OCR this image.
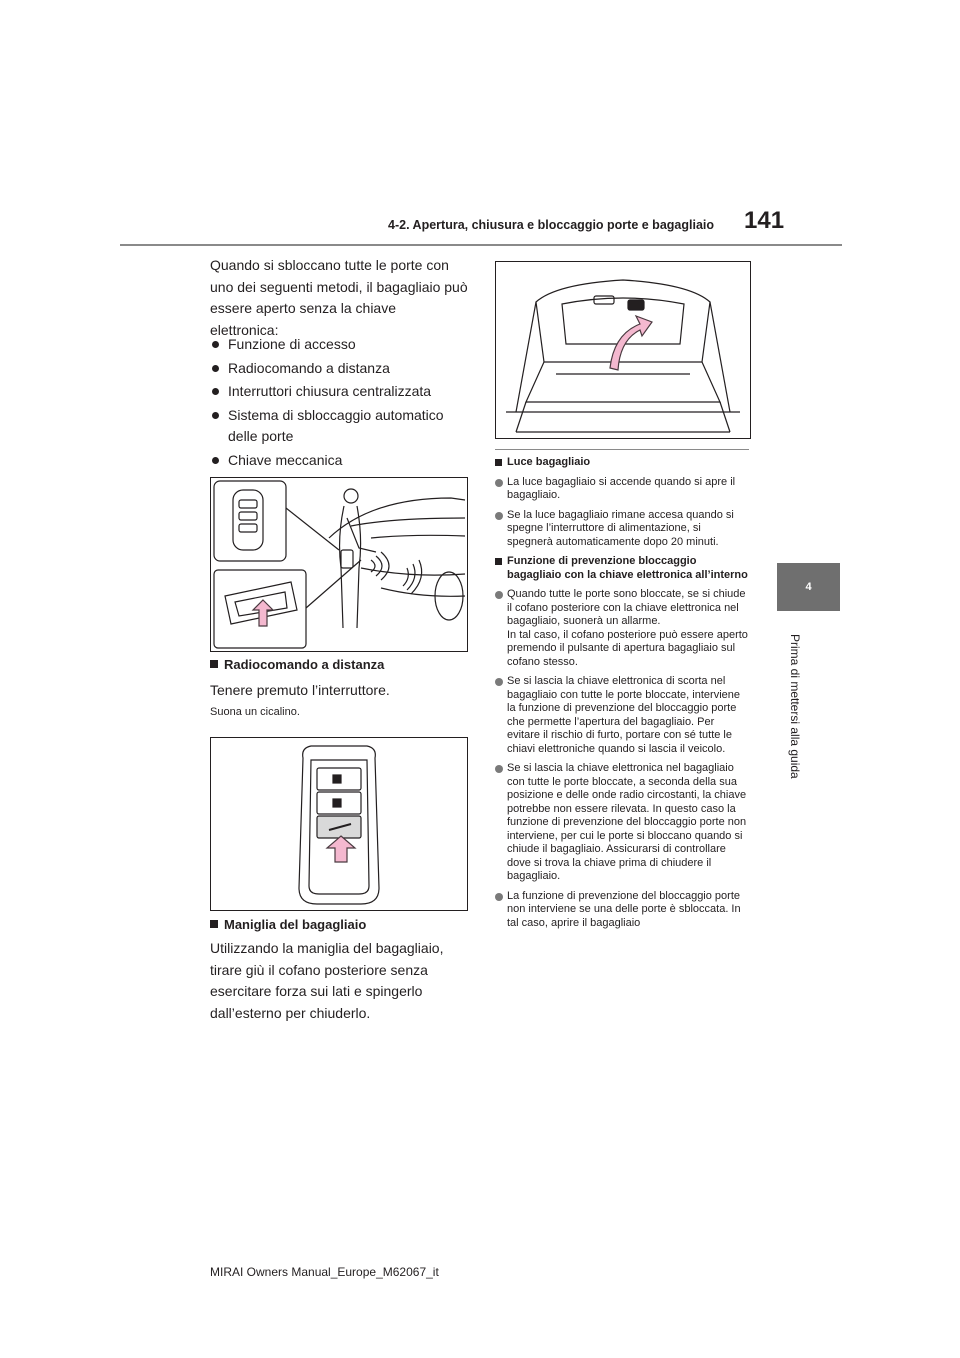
4-2. Apertura, chiusura e bloccaggio porte e bagagliaio	141
4
Prima di mettersi alla guida
Quando si sbloccano tutte le porte con uno dei seguenti metodi, il bagagliaio può essere aperto senza la chiave elettronica:
Funzione di accesso
Radiocomando a distanza
Interruttori chiusura centralizzata
Sistema di sbloccaggio automatico delle porte
Chiave meccanica
Radiocomando a distanza
Tenere premuto l’interruttore.
Suona un cicalino.
Maniglia del bagagliaio
Utilizzando la maniglia del bagagliaio, tirare giù il cofano posteriore senza esercitare forza sui lati e spingerlo dall’esterno per chiuderlo.
Luce bagagliaio
La luce bagagliaio si accende quando si apre il bagagliaio.
Se la luce bagagliaio rimane accesa quando si spegne l’interruttore di alimentazione, si spegnerà automaticamente dopo 20 minuti.
Funzione di prevenzione bloccaggio bagagliaio con la chiave elettronica all’interno
Quando tutte le porte sono bloccate, se si chiude il cofano posteriore con la chiave elettronica nel bagagliaio, suonerà un allarme.
In tal caso, il cofano posteriore può essere aperto premendo il pulsante di apertura bagagliaio sul cofano stesso.
Se si lascia la chiave elettronica di scorta nel bagagliaio con tutte le porte bloccate, interviene la funzione di prevenzione del bloccaggio porte che permette l’apertura del bagagliaio. Per evitare il rischio di furto, portare con sé tutte le chiavi elettroniche quando si lascia il veicolo.
Se si lascia la chiave elettronica nel bagagliaio con tutte le porte bloccate, a seconda della sua posizione e delle onde radio circostanti, la chiave potrebbe non essere rilevata. In questo caso la funzione di prevenzione del bloccaggio porte non interviene, per cui le porte si bloccano quando si chiude il bagagliaio. Assicurarsi di controllare dove si trova la chiave prima di chiudere il bagagliaio.
La funzione di prevenzione del bloccaggio porte non interviene se una delle porte è sbloccata. In tal caso, aprire il bagagliaio
MIRAI Owners Manual_Europe_M62067_it
